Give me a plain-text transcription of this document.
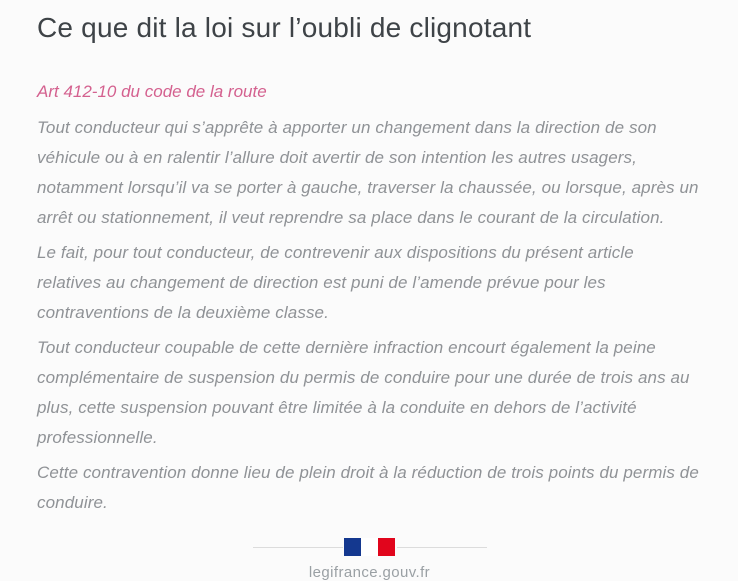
Ce que dit la loi sur l’oubli de clignotant

Art 412-10 du code de la route

Tout conducteur qui s’apprête à apporter un changement dans la direction de son véhicule ou à en ralentir l’allure doit avertir de son intention les autres usagers, notamment lorsqu’il va se porter à gauche, traverser la chaussée, ou lorsque, après un arrêt ou stationnement, il veut reprendre sa place dans le courant de la circulation.

Le fait, pour tout conducteur, de contrevenir aux dispositions du présent article relatives au changement de direction est puni de l’amende prévue pour les contraventions de la deuxième classe.

Tout conducteur coupable de cette dernière infraction encourt également la peine complémentaire de suspension du permis de conduire pour une durée de trois ans au plus, cette suspension pouvant être limitée à la conduite en dehors de l’activité professionnelle.

Cette contravention donne lieu de plein droit à la réduction de trois points du permis de conduire.

legifrance.gouv.fr
